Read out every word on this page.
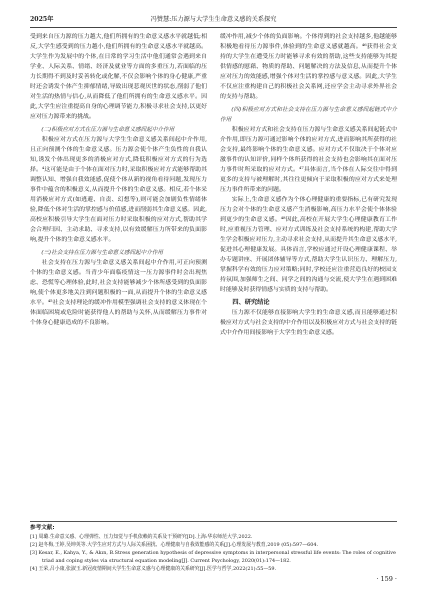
2025年	冯赞慧:压力源与大学生生命意义感的关系探究

受到来自压力源的压力越大,他们所拥有的生命意义感水平就越低;相反,大学生感受到的压力越小,他们所拥有的生命意义感水平就越高。大学生作为发展中的个体,在日常的学习生活中他们通常会遇到来自学业、人际关系、情绪、经济及就业等方面的多重压力,若面临的压力长期得不到及时妥善转化或化解,不仅会影响个体的身心健康,严重时还会诱发个体产生抑郁情绪,导致出现悲观厌世的状态,削弱了他们对生活的热情与信心,从而降低了他们所拥有的生命意义感水平。因此,大学生应注重提高自身的心理调节能力,积极寻求社会支持,以更好应对压力源带来的挑战。

(二)积极应对方式在压力源与生命意义感间起中介作用

积极应对方式在压力源与大学生生命意义感关系间起中介作用,且正向预测个体的生命意义感。压力源会使个体产生负性的自我认知,诱发个体出现更多的消极应对方式,降低积极应对方式的行为选择。⁴这可能是由于个体在面对压力时,采取积极应对方式能够帮助其调整认知、增强自我效能感,促使个体从新的视角看待问题,发现压力事件中蕴含的积极意义,从而提升个体的生命意义感。相反,若个体采用消极应对方式(如逃避、自责、幻想等),则可能会加剧负性情绪体验,降低个体对生活的掌控感与价值感,进而削弱其生命意义感。因此,高校应积极引导大学生在面对压力时采取积极的应对方式,帮助其学会合理归因、主动求助、寻求支持,以有效缓解压力所带来的负面影响,提升个体的生命意义感水平。

(三)社会支持在压力源与生命意义感间起中介作用

社会支持在压力源与生命意义感关系间起中介作用,可正向预测个体的生命意义感。当青少年面临疫情这一压力源事件时会出现焦虑、恐慌等心理体验,此时,社会支持能够减少个体所感受到的负面影响,使个体更多地关注到问题积极的一面,从而提升个体的生命意义感水平。⁴⁵社会支持理论的缓冲作用模型强调社会支持的意义体现在个体面临困境或危险时能获得他人的帮助与关怀,从而缓解压力事件对个体身心健康造成的不良影响。

缓冲作用,减少个体的负面影响。个体得到的社会支持越多,他越能够积极地看待压力源事件,体验到的生命意义感就越高。⁴⁶获得社会支持的大学生在遭受压力时能够寻求有效的帮助,这些支持能够为其提供情感的慰藉、物质的帮助、问题解决的方法及信息,从而提升个体应对压力的效能感,增强个体对生活的掌控感与意义感。因此,大学生不仅应注重构建自己的积极社会关系网,还应学会主动寻求外界社会的支持与帮助。

(四)积极应对方式和社会支持在压力源与生命意义感间起链式中介作用

积极应对方式和社会支持在压力源与生命意义感关系间起链式中介作用,即压力源可通过影响个体的应对方式,进而影响其所获得的社会支持,最终影响个体的生命意义感。应对方式不仅取决于个体对应激事件的认知评价,同样个体所获得的社会支持也会影响其在面对压力事件时所采取的应对方式。⁴⁷具体而言,当个体在人际交往中得到更多的支持与被理解时,其往往更倾向于采取积极的应对方式来处理压力事件所带来的问题。

实际上,生命意义感作为个体心理健康的重要指标,已有研究发现压力会对个体的生命意义感产生消极影响,高压力水平会使个体体验到更少的生命意义感。⁴⁸因此,高校在开展大学生心理健康教育工作时,应重视压力管理、应对方式训练及社会支持系统的构建,帮助大学生学会积极应对压力,主动寻求社会支持,从而提升其生命意义感水平,促进其心理健康发展。具体而言,学校应通过开设心理健康课程、举办专题讲座、开展团体辅导等方式,帮助大学生认识压力、理解压力,掌握科学有效的压力应对策略;同时,学校还应注重营造良好的校园支持氛围,加强师生之间、同学之间的沟通与交流,使大学生在遇到困难时能够及时获得情感与实质的支持与帮助。

四、研究结论

压力源不仅能够直接影响大学生的生命意义感,而且能够通过积极应对方式与社会支持的中介作用以及积极应对方式与社会支持的链式中介作用间接影响于大学生的生命意义感。

参考文献:

[1] 周璐.生命意义感、心理弹性、压力知觉与手机依赖的关系及干预研究[D].上海:华东师范大学,2022.

[2] 赵冬梅,王婷,吴坤英等.大学生应对方式与人际关系困扰、心理健康与自我效能感的关系[J].心理发展与教育,2019 (05):597—604.

[3] Kesar, E., Kahya, Y., & Akın, B.Stress generation hypothesis of depressive symptoms in interpersonal stressful life events: The roles of cognitive triad and coping styles via structural equation modeling[J]. Current Psychology, 2020(01):174—182.

[4] 王荣,吕小康,张淑玉.新冠疫情期间大学生生命意义感与心理健康的关系研究[J].医学与哲学,2022(21):55—59.

· 159 ·
